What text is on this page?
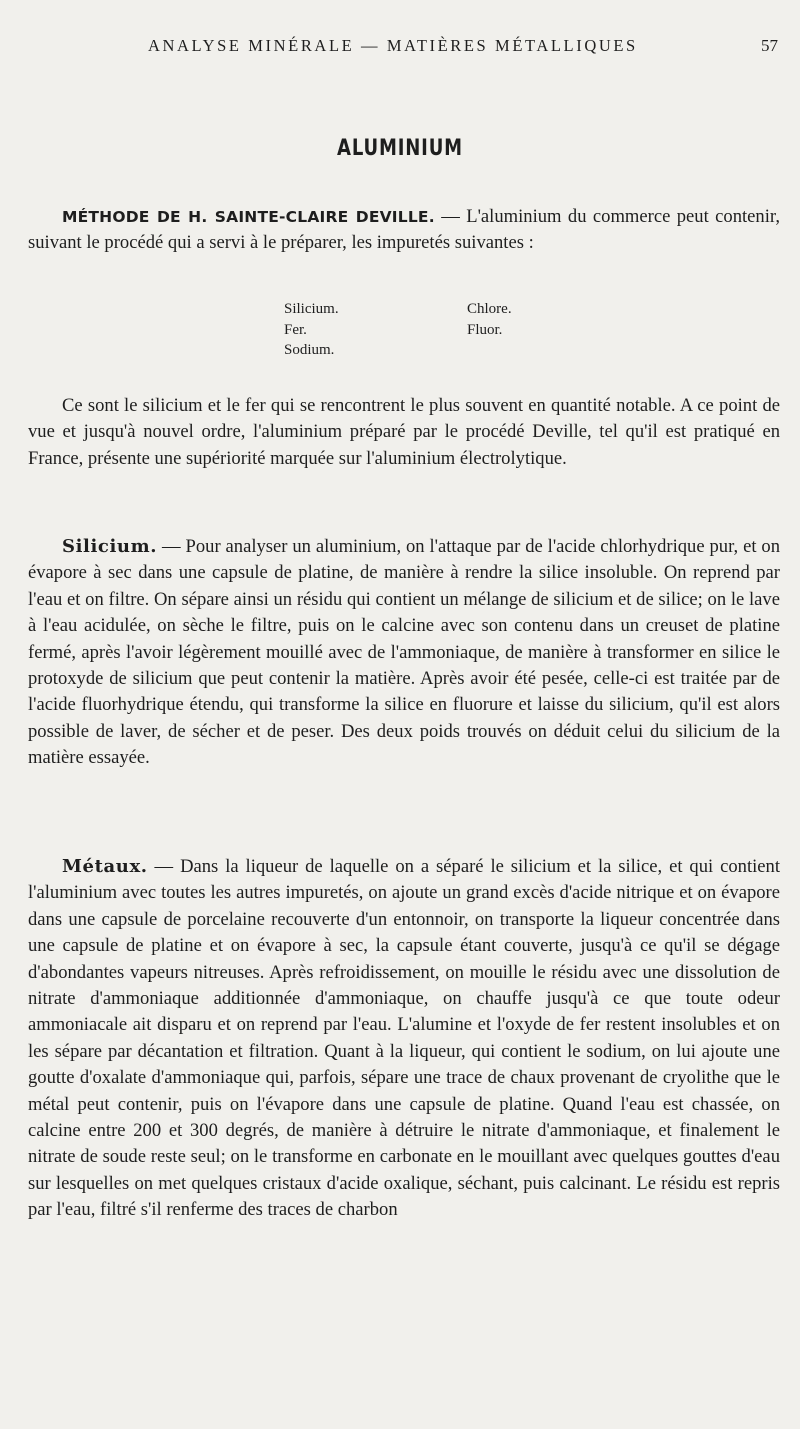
ANALYSE MINÉRALE — MATIÈRES MÉTALLIQUES	57
ALUMINIUM

MÉTHODE DE H. SAINTE-CLAIRE DEVILLE. — L'aluminium du commerce peut contenir, suivant le procédé qui a servi à le préparer, les impuretés suivantes :

Silicium.
Fer.
Sodium.
Chlore.
Fluor.

Ce sont le silicium et le fer qui se rencontrent le plus souvent en quantité notable. A ce point de vue et jusqu'à nouvel ordre, l'aluminium préparé par le procédé Deville, tel qu'il est pratiqué en France, présente une supériorité marquée sur l'aluminium électrolytique.

Silicium. — Pour analyser un aluminium, on l'attaque par de l'acide chlorhydrique pur, et on évapore à sec dans une capsule de platine, de manière à rendre la silice insoluble. On reprend par l'eau et on filtre. On sépare ainsi un résidu qui contient un mélange de silicium et de silice; on le lave à l'eau acidulée, on sèche le filtre, puis on le calcine avec son contenu dans un creuset de platine fermé, après l'avoir légèrement mouillé avec de l'ammoniaque, de manière à transformer en silice le protoxyde de silicium que peut contenir la matière. Après avoir été pesée, celle-ci est traitée par de l'acide fluorhydrique étendu, qui transforme la silice en fluorure et laisse du silicium, qu'il est alors possible de laver, de sécher et de peser. Des deux poids trouvés on déduit celui du silicium de la matière essayée.

Métaux. — Dans la liqueur de laquelle on a séparé le silicium et la silice, et qui contient l'aluminium avec toutes les autres impuretés, on ajoute un grand excès d'acide nitrique et on évapore dans une capsule de porcelaine recouverte d'un entonnoir, on transporte la liqueur concentrée dans une capsule de platine et on évapore à sec, la capsule étant couverte, jusqu'à ce qu'il se dégage d'abondantes vapeurs nitreuses. Après refroidissement, on mouille le résidu avec une dissolution de nitrate d'ammoniaque additionnée d'ammoniaque, on chauffe jusqu'à ce que toute odeur ammoniacale ait disparu et on reprend par l'eau. L'alumine et l'oxyde de fer restent insolubles et on les sépare par décantation et filtration. Quant à la liqueur, qui contient le sodium, on lui ajoute une goutte d'oxalate d'ammoniaque qui, parfois, sépare une trace de chaux provenant de cryolithe que le métal peut contenir, puis on l'évapore dans une capsule de platine. Quand l'eau est chassée, on calcine entre 200 et 300 degrés, de manière à détruire le nitrate d'ammoniaque, et finalement le nitrate de soude reste seul; on le transforme en carbonate en le mouillant avec quelques gouttes d'eau sur lesquelles on met quelques cristaux d'acide oxalique, séchant, puis calcinant. Le résidu est repris par l'eau, filtré s'il renferme des traces de charbon
